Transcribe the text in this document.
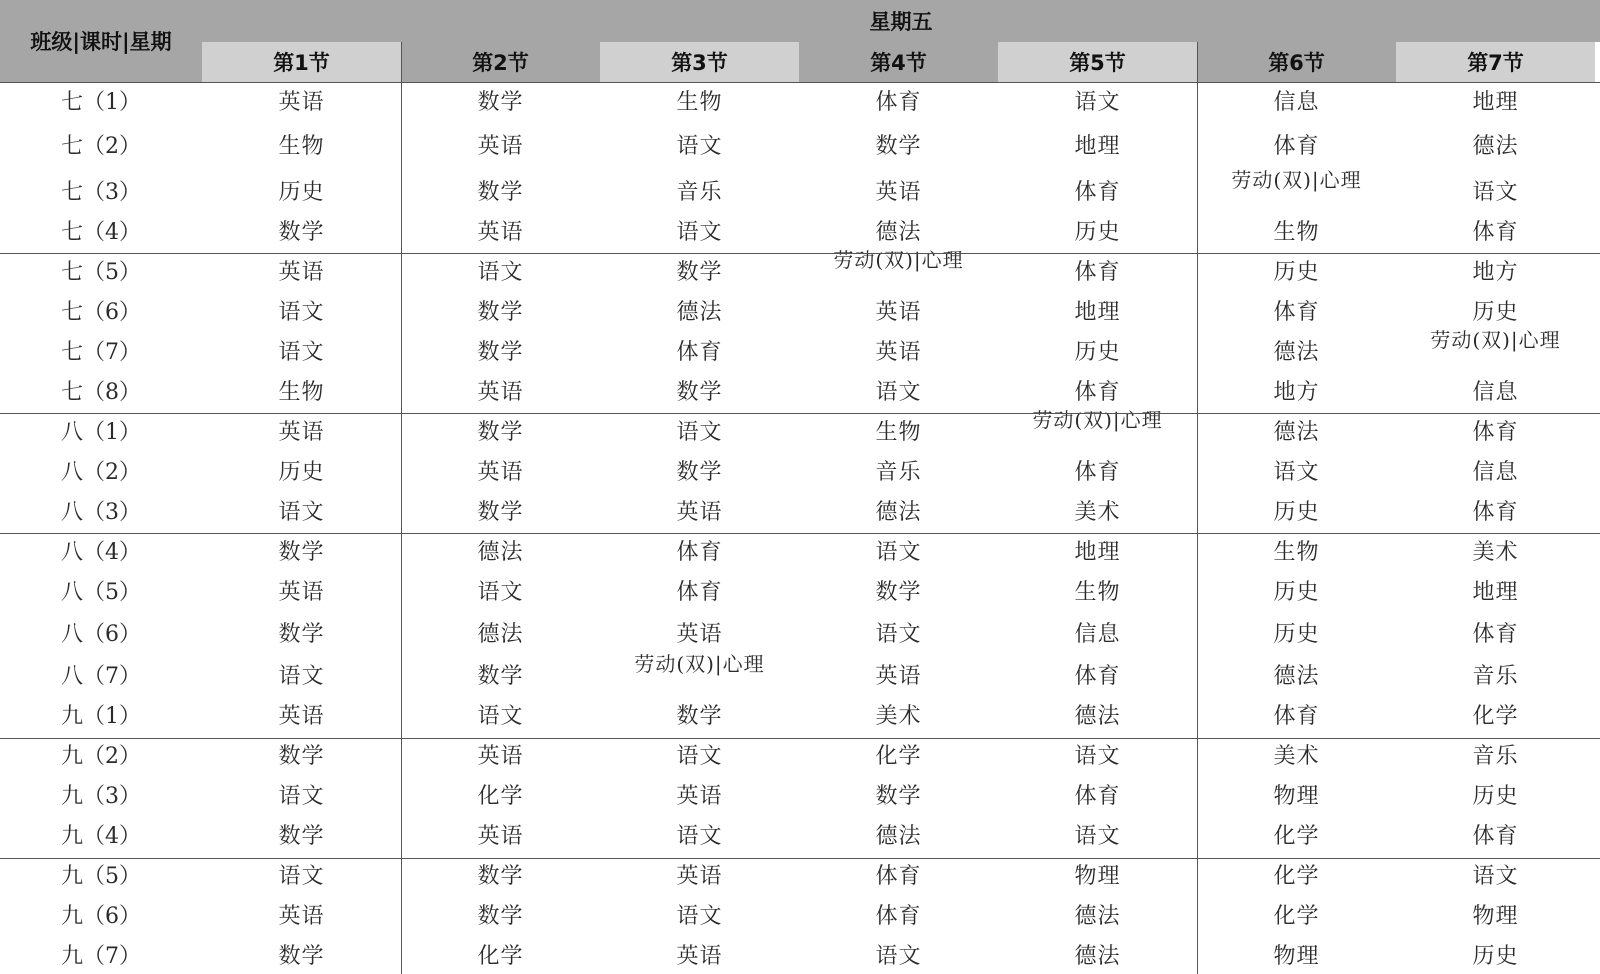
班级|课时|星期
星期五
第1节	第2节	第3节	第4节	第5节	第6节	第7节
七（1）	英语	数学	生物	体育	语文	信息	地理
七（2）	生物	英语	语文	数学	地理	体育	德法
七（3）	历史	数学	音乐	英语	体育	劳动(双)|心理	语文
七（4）	数学	英语	语文	德法	历史	生物	体育
七（5）	英语	语文	数学	劳动(双)|心理	体育	历史	地方
七（6）	语文	数学	德法	英语	地理	体育	历史
七（7）	语文	数学	体育	英语	历史	德法	劳动(双)|心理
七（8）	生物	英语	数学	语文	体育	地方	信息
八（1）	英语	数学	语文	生物	劳动(双)|心理	德法	体育
八（2）	历史	英语	数学	音乐	体育	语文	信息
八（3）	语文	数学	英语	德法	美术	历史	体育
八（4）	数学	德法	体育	语文	地理	生物	美术
八（5）	英语	语文	体育	数学	生物	历史	地理
八（6）	数学	德法	英语	语文	信息	历史	体育
八（7）	语文	数学	劳动(双)|心理	英语	体育	德法	音乐
九（1）	英语	语文	数学	美术	德法	体育	化学
九（2）	数学	英语	语文	化学	语文	美术	音乐
九（3）	语文	化学	英语	数学	体育	物理	历史
九（4）	数学	英语	语文	德法	语文	化学	体育
九（5）	语文	数学	英语	体育	物理	化学	语文
九（6）	英语	数学	语文	体育	德法	化学	物理
九（7）	数学	化学	英语	语文	德法	物理	历史
